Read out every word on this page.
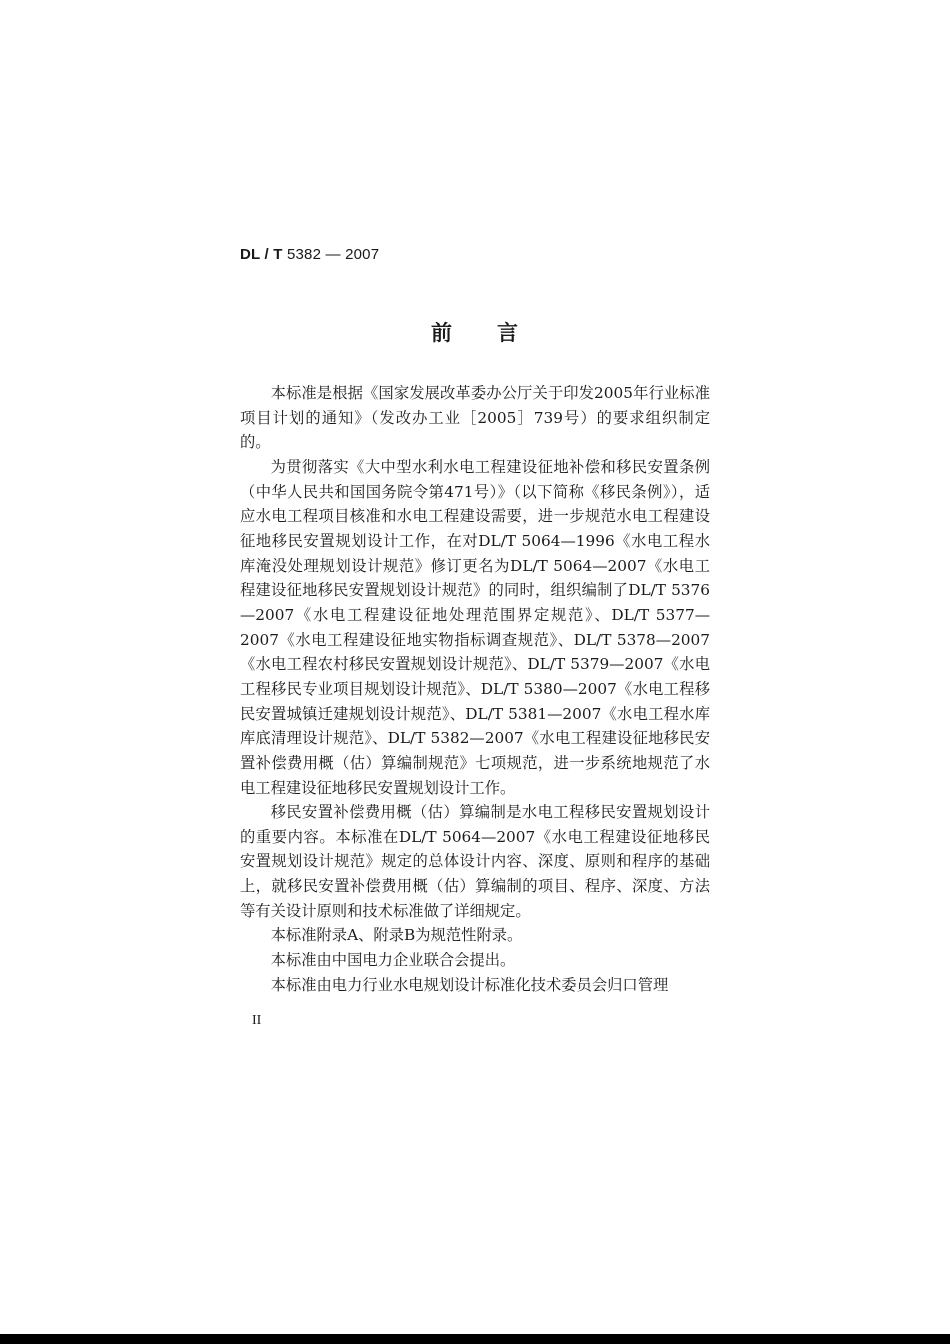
DL / T 5382 — 2007
前 言

本标准是根据《国家发展改革委办公厅关于印发2005年行业标准项目计划的通知》（发改办工业［2005］739号）的要求组织制定的。

为贯彻落实《大中型水利水电工程建设征地补偿和移民安置条例（中华人民共和国国务院令第471号）》（以下简称《移民条例》），适应水电工程项目核准和水电工程建设需要，进一步规范水电工程建设征地移民安置规划设计工作，在对DL/T 5064—1996《水电工程水库淹没处理规划设计规范》修订更名为DL/T 5064—2007《水电工程建设征地移民安置规划设计规范》的同时，组织编制了DL/T 5376—2007《水电工程建设征地处理范围界定规范》、DL/T 5377—2007《水电工程建设征地实物指标调查规范》、DL/T 5378—2007《水电工程农村移民安置规划设计规范》、DL/T 5379—2007《水电工程移民专业项目规划设计规范》、DL/T 5380—2007《水电工程移民安置城镇迁建规划设计规范》、DL/T 5381—2007《水电工程水库库底清理设计规范》、DL/T 5382—2007《水电工程建设征地移民安置补偿费用概（估）算编制规范》七项规范，进一步系统地规范了水电工程建设征地移民安置规划设计工作。

移民安置补偿费用概（估）算编制是水电工程移民安置规划设计的重要内容。本标准在DL/T 5064—2007《水电工程建设征地移民安置规划设计规范》规定的总体设计内容、深度、原则和程序的基础上，就移民安置补偿费用概（估）算编制的项目、程序、深度、方法等有关设计原则和技术标准做了详细规定。

本标准附录A、附录B为规范性附录。

本标准由中国电力企业联合会提出。

本标准由电力行业水电规划设计标准化技术委员会归口管理

II
